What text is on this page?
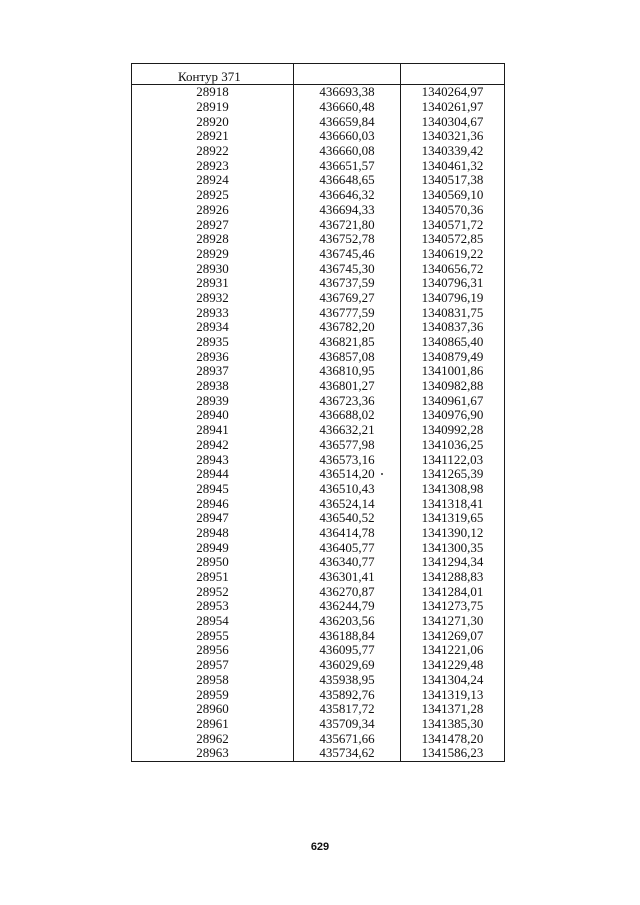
Контур 371		
28918	436693,38	1340264,97
28919	436660,48	1340261,97
28920	436659,84	1340304,67
28921	436660,03	1340321,36
28922	436660,08	1340339,42
28923	436651,57	1340461,32
28924	436648,65	1340517,38
28925	436646,32	1340569,10
28926	436694,33	1340570,36
28927	436721,80	1340571,72
28928	436752,78	1340572,85
28929	436745,46	1340619,22
28930	436745,30	1340656,72
28931	436737,59	1340796,31
28932	436769,27	1340796,19
28933	436777,59	1340831,75
28934	436782,20	1340837,36
28935	436821,85	1340865,40
28936	436857,08	1340879,49
28937	436810,95	1341001,86
28938	436801,27	1340982,88
28939	436723,36	1340961,67
28940	436688,02	1340976,90
28941	436632,21	1340992,28
28942	436577,98	1341036,25
28943	436573,16	1341122,03
28944	436514,20	1341265,39
28945	436510,43	1341308,98
28946	436524,14	1341318,41
28947	436540,52	1341319,65
28948	436414,78	1341390,12
28949	436405,77	1341300,35
28950	436340,77	1341294,34
28951	436301,41	1341288,83
28952	436270,87	1341284,01
28953	436244,79	1341273,75
28954	436203,56	1341271,30
28955	436188,84	1341269,07
28956	436095,77	1341221,06
28957	436029,69	1341229,48
28958	435938,95	1341304,24
28959	435892,76	1341319,13
28960	435817,72	1341371,28
28961	435709,34	1341385,30
28962	435671,66	1341478,20
28963	435734,62	1341586,23
629
